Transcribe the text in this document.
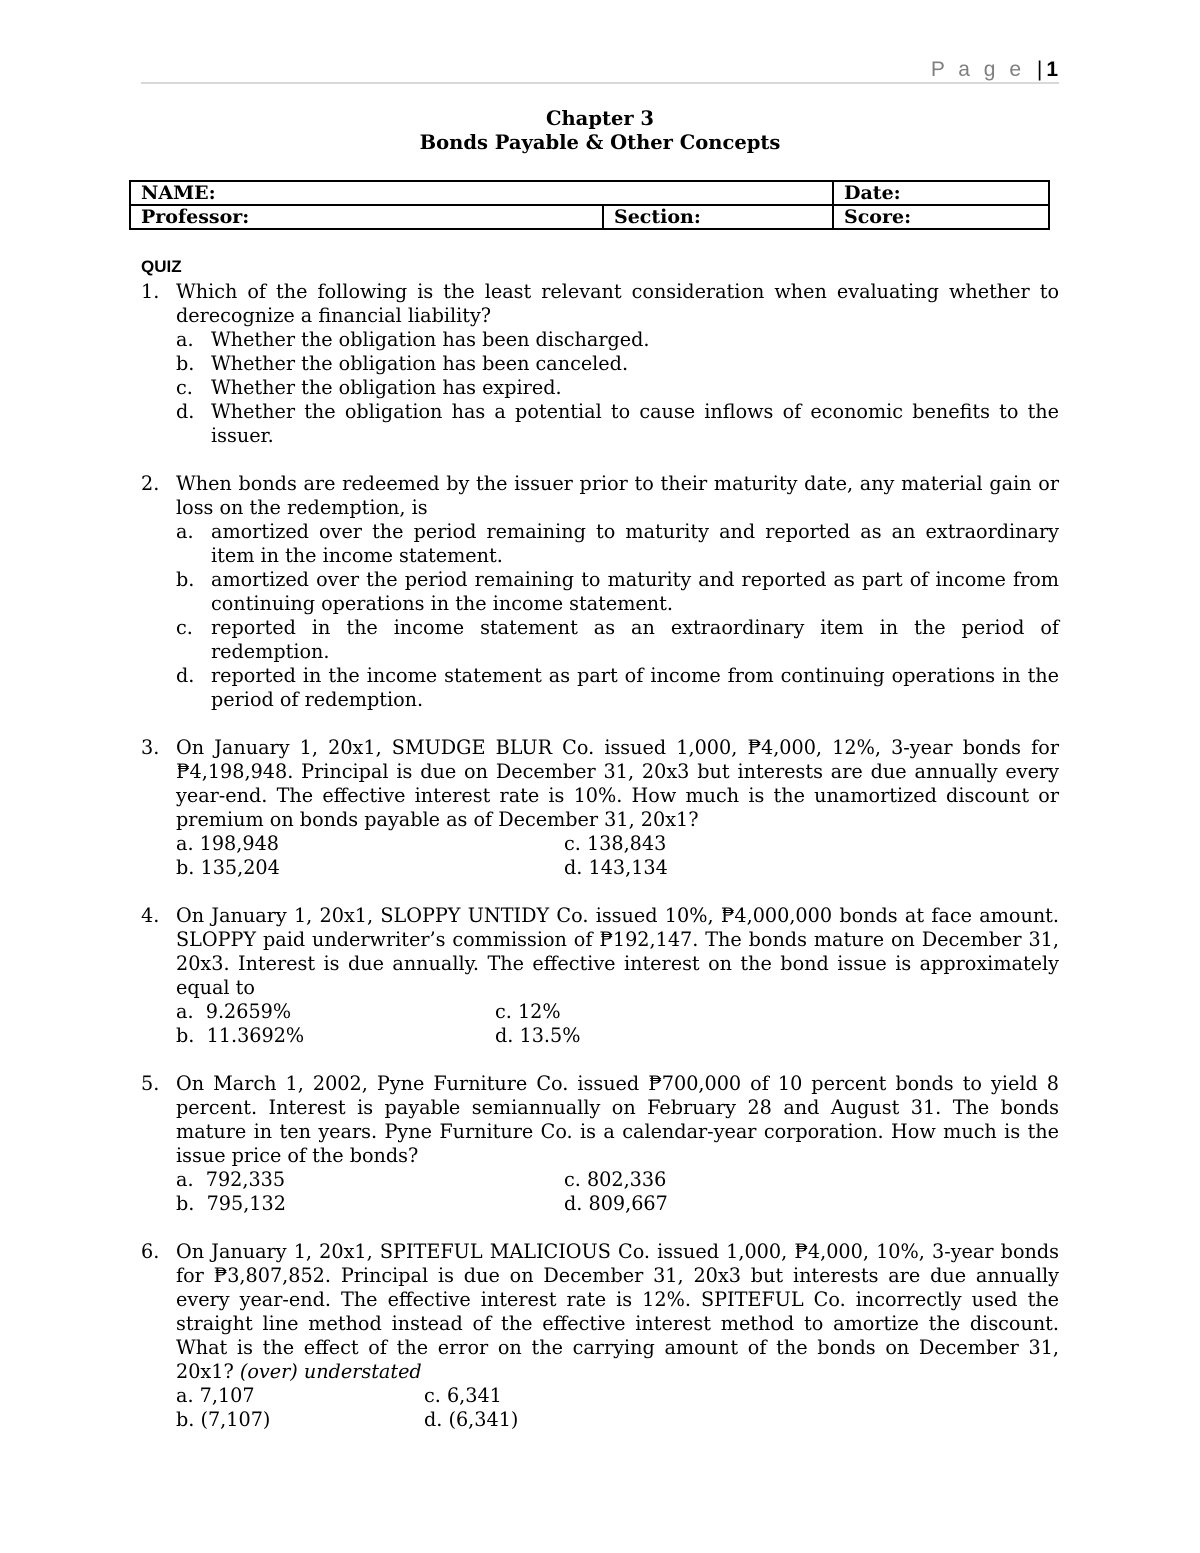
P a g e | 1
Chapter 3
Bonds Payable & Other Concepts
NAME:		Date:
Professor:	Section:	Score:
QUIZ
1. Which of the following is the least relevant consideration when evaluating whether to derecognize a financial liability?
a. Whether the obligation has been discharged.
b. Whether the obligation has been canceled.
c. Whether the obligation has expired.
d. Whether the obligation has a potential to cause inflows of economic benefits to the issuer.
2. When bonds are redeemed by the issuer prior to their maturity date, any material gain or loss on the redemption, is
a. amortized over the period remaining to maturity and reported as an extraordinary item in the income statement.
b. amortized over the period remaining to maturity and reported as part of income from continuing operations in the income statement.
c. reported in the income statement as an extraordinary item in the period of redemption.
d. reported in the income statement as part of income from continuing operations in the period of redemption.
3. On January 1, 20x1, SMUDGE BLUR Co. issued 1,000, ₱4,000, 12%, 3-year bonds for ₱4,198,948. Principal is due on December 31, 20x3 but interests are due annually every year-end. The effective interest rate is 10%. How much is the unamortized discount or premium on bonds payable as of December 31, 20x1?
a. 198,948	c. 138,843
b. 135,204	d. 143,134
4. On January 1, 20x1, SLOPPY UNTIDY Co. issued 10%, ₱4,000,000 bonds at face amount. SLOPPY paid underwriter’s commission of ₱192,147. The bonds mature on December 31, 20x3. Interest is due annually. The effective interest on the bond issue is approximately equal to
a.  9.2659%	c. 12%
b.  11.3692%	d. 13.5%
5. On March 1, 2002, Pyne Furniture Co. issued ₱700,000 of 10 percent bonds to yield 8 percent. Interest is payable semiannually on February 28 and August 31. The bonds mature in ten years. Pyne Furniture Co. is a calendar-year corporation. How much is the issue price of the bonds?
a.  792,335	c. 802,336
b.  795,132	d. 809,667
6. On January 1, 20x1, SPITEFUL MALICIOUS Co. issued 1,000, ₱4,000, 10%, 3-year bonds for ₱3,807,852. Principal is due on December 31, 20x3 but interests are due annually every year-end. The effective interest rate is 12%. SPITEFUL Co. incorrectly used the straight line method instead of the effective interest method to amortize the discount. What is the effect of the error on the carrying amount of the bonds on December 31, 20x1? (over) understated
a. 7,107	c. 6,341
b. (7,107)	d. (6,341)
